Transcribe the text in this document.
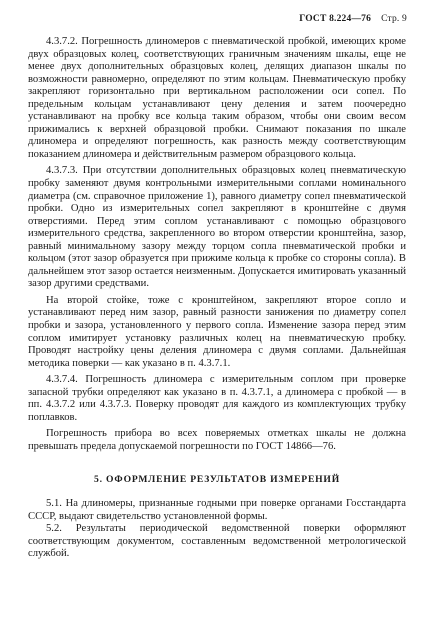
ГОСТ 8.224—76 Стр. 9

4.3.7.2. Погрешность длиномеров с пневматической пробкой, имеющих кроме двух образцовых колец, соответствующих граничным значениям шкалы, еще не менее двух дополнительных образцовых колец, делящих диапазон шкалы по возможности равномерно, определяют по этим кольцам. Пневматическую пробку закрепляют горизонтально при вертикальном расположении оси сопел. По предельным кольцам устанавливают цену деления и затем поочередно устанавливают на пробку все кольца таким образом, чтобы они своим весом прижимались к верхней образцовой пробки. Снимают показания по шкале длиномера и определяют погрешность, как разность между соответствующим показанием длиномера и действительным размером образцового кольца.

4.3.7.3. При отсутствии дополнительных образцовых колец пневматическую пробку заменяют двумя контрольными измерительными соплами номинального диаметра (см. справочное приложение 1), равного диаметру сопел пневматической пробки. Одно из измерительных сопел закрепляют в кронштейне с двумя отверстиями. Перед этим соплом устанавливают с помощью образцового измерительного средства, закрепленного во втором отверстии кронштейна, зазор, равный минимальному зазору между торцом сопла пневматической пробки и кольцом (этот зазор образуется при прижиме кольца к пробке со стороны сопла). В дальнейшем этот зазор остается неизменным. Допускается имитировать указанный зазор другими средствами.

На второй стойке, тоже с кронштейном, закрепляют второе сопло и устанавливают перед ним зазор, равный разности занижения по диаметру сопел пробки и зазора, установленного у первого сопла. Изменение зазора перед этим соплом имитирует установку различных колец на пневматическую пробку. Проводят настройку цены деления длиномера с двумя соплами. Дальнейшая методика поверки — как указано в п. 4.3.7.1.

4.3.7.4. Погрешность длиномера с измерительным соплом при проверке запасной трубки определяют как указано в п. 4.3.7.1, а длиномера с пробкой — в пп. 4.3.7.2 или 4.3.7.3. Поверку проводят для каждого из комплектующих трубку поплавков.

Погрешность прибора во всех поверяемых отметках шкалы не должна превышать предела допускаемой погрешности по ГОСТ 14866—76.

5. ОФОРМЛЕНИЕ РЕЗУЛЬТАТОВ ИЗМЕРЕНИЙ

5.1. На длиномеры, признанные годными при поверке органами Госстандарта СССР, выдают свидетельство установленной формы.

5.2. Результаты периодической ведомственной поверки оформляют соответствующим документом, составленным ведомственной метрологической службой.
